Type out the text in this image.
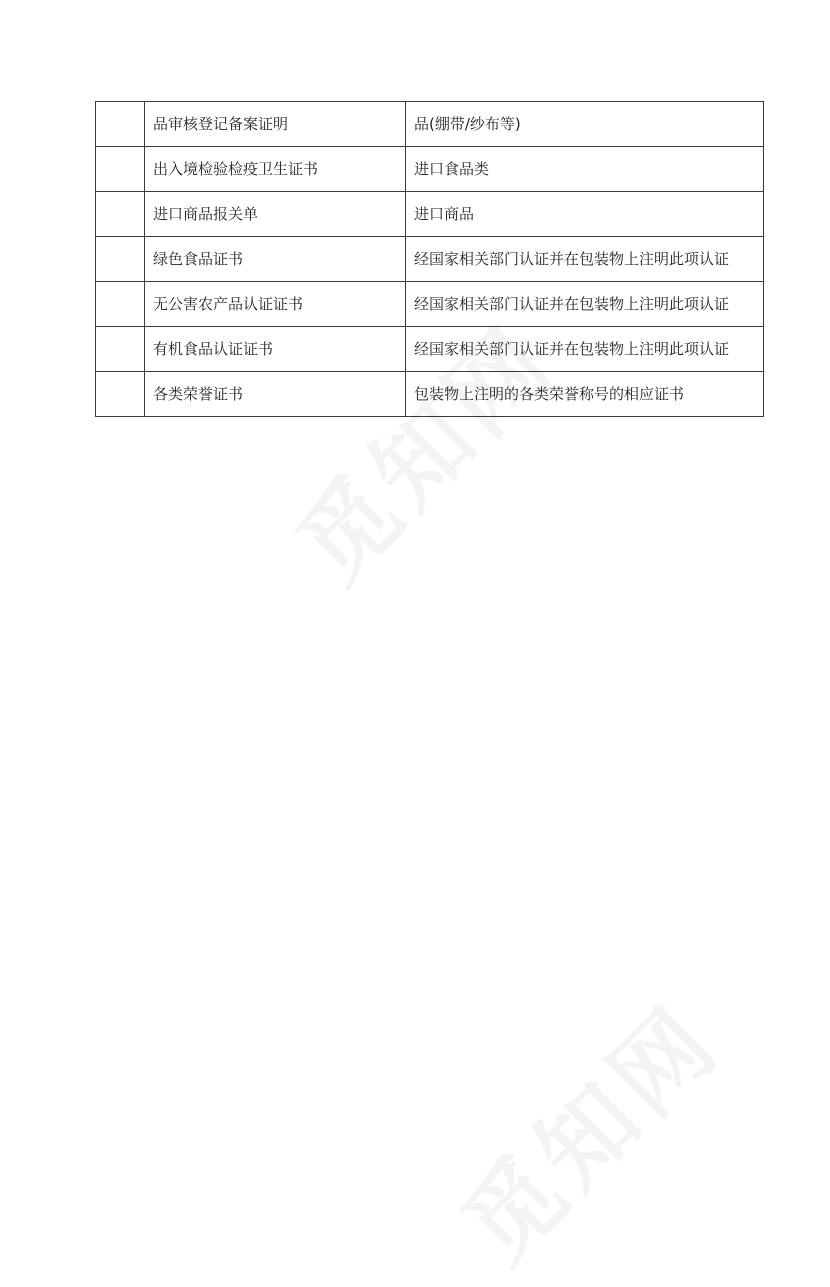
	品审核登记备案证明	品(绷带/纱布等)
	出入境检验检疫卫生证书	进口食品类
	进口商品报关单	进口商品
	绿色食品证书	经国家相关部门认证并在包装物上注明此项认证
	无公害农产品认证证书	经国家相关部门认证并在包装物上注明此项认证
	有机食品认证证书	经国家相关部门认证并在包装物上注明此项认证
	各类荣誉证书	包装物上注明的各类荣誉称号的相应证书
